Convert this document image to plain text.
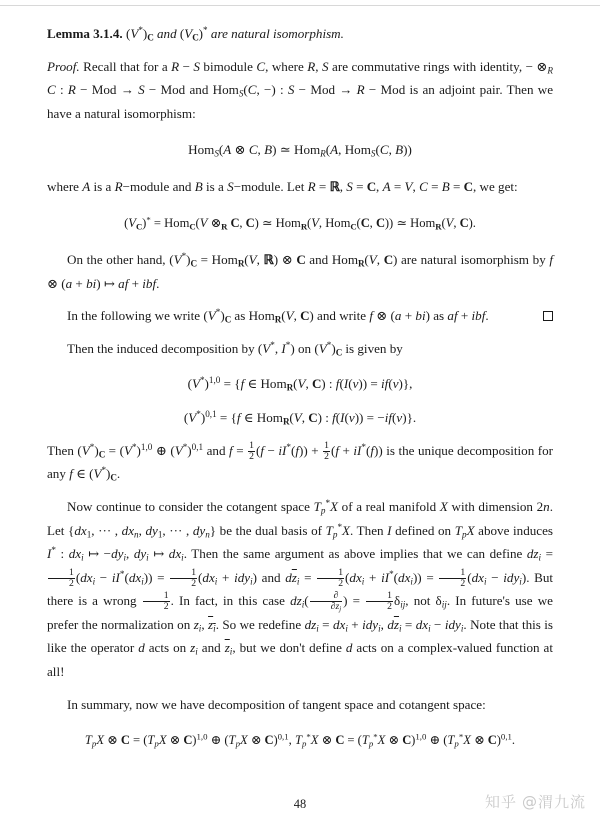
Lemma 3.1.4. $(V^*)_C$ and $(V_C)^*$ are natural isomorphism.

Proof. Recall that for a R − S bimodule C, where R, S are commutative rings with identity, − $\otimes_R$ C : R − Mod → S − Mod and Hom$_S$(C, −) : S − Mod → R − Mod is an adjoint pair. Then we have a natural isomorphism:

Hom$_S$(A ⊗ C, B) ≃ Hom$_R$(A, Hom$_S$(C, B))

where A is a R−module and B is a S−module. Let R = ℝ, S = C, A = V, C = B = C, we get:

$(V_C)^* = Hom_C(V$ $\otimes_R$ C, C) ≃ Hom$_R$(V, Hom$_C$(C, C)) ≃ Hom$_R$(V, C).

On the other hand, $(V^*)_C = Hom_R(V$, ℝ) ⊗ C and Hom$_R$(V, C) are natural isomorphism by f ⊗ (a + bi) ↦ af + ibf.

In the following we write $(V^*)_C$ as Hom$_R$(V, C) and write f ⊗ (a + bi) as af + ibf.

Then the induced decomposition by (V*, I*) on $(V^*)_C$ is given by

$(V^*)^{1,0} = \{f$ ∈ Hom$_R$(V, C) : f(I(v)) = if(v)},
$(V^*)^{0,1} = \{f$ ∈ Hom$_R$(V, C) : f(I(v)) = −if(v)}.

Then $(V^*)_C = (V^*)^{1,0}$ ⊕ $(V^*)^{0,1}$ and $f = \frac{1}{2} (f - iI^*(f)) + \frac{1}{2} (f + iI^*(f))$ is the unique decomposition for any f ∈ $(V^*)_C$.

Now continue to consider the cotangent space $T_p^*X$ of a real manifold X with dimension 2n. Let {$dx_1$, ··· , $dx_n$, $dy_1$, ··· , $dy_n$} be the dual basis of $T_p^*X$. Then I defined on $T_pX$ above induces I* : $dx_i$ ↦ $-dy_i$, $dy_i$ ↦ $dx_i$. Then the same argument as above implies that we can define $dz_i$ =
$\frac{1}{2} (dx_i - iI^*(dx_i)) = \frac{1}{2} (dx_i + idy_i)$ and $d\overline{z}_i = \frac{1}{2} (dx_i + iI^*(dx_i)) = \frac{1}{2} (dx_i - idy_i)$. But there is a wrong $\frac{1}{2}$ . In fact, in this case $dz_i( \frac{\partial}{\partial z_j}$ ) = $\frac{1}{2} \delta_{ij}$, not $\delta_{ij}$. In future's use we prefer the normalization on $z_i$, $z_i$. So we redefine $dz_i = dx_i + idy_i$, $d\overline{z}_i = dx_i - idy_i$. Note that this is like the operator d acts on $z_i$ and $\overline{z}_i$, but we don't define d acts on a complex-valued function at all!

In summary, now we have decomposition of tangent space and cotangent space:

$T_pX$ ⊗ $C = (T_pX$ ⊗ C)$^{1,0}$ ⊕ ($T_pX$ ⊗ C)$^{0,1}$, $T_p^*X$ ⊗ $C = (T_p^*X$ ⊗ C)$^{1,0}$ ⊕ ($T_p^*X$ ⊗ C)$^{0,1}$.
48	知乎 @渭九流
